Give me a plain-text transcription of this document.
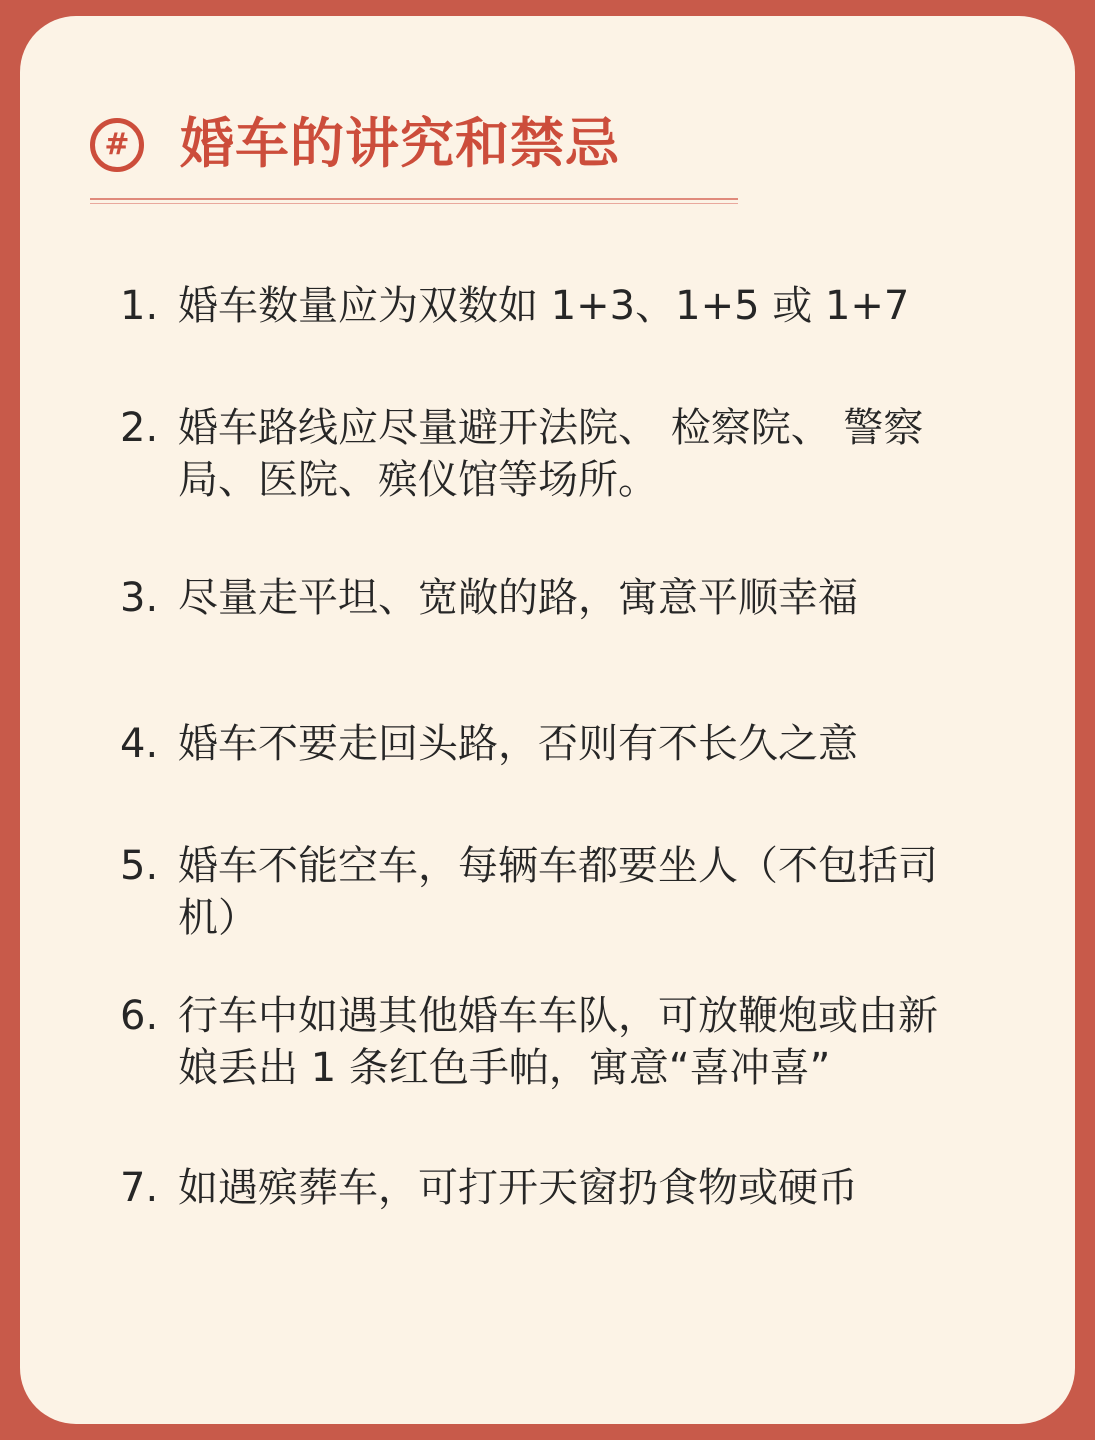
# 婚车的讲究和禁忌
1. 婚车数量应为双数如 1+3、1+5 或 1+7
2. 婚车路线应尽量避开法院、 检察院、 警察
局、医院、殡仪馆等场所。
3. 尽量走平坦、宽敞的路，寓意平顺幸福
4. 婚车不要走回头路，否则有不长久之意
5. 婚车不能空车，每辆车都要坐人（不包括司
机）
6. 行车中如遇其他婚车车队，可放鞭炮或由新
娘丢出 1 条红色手帕，寓意“喜冲喜”
7. 如遇殡葬车，可打开天窗扔食物或硬币
